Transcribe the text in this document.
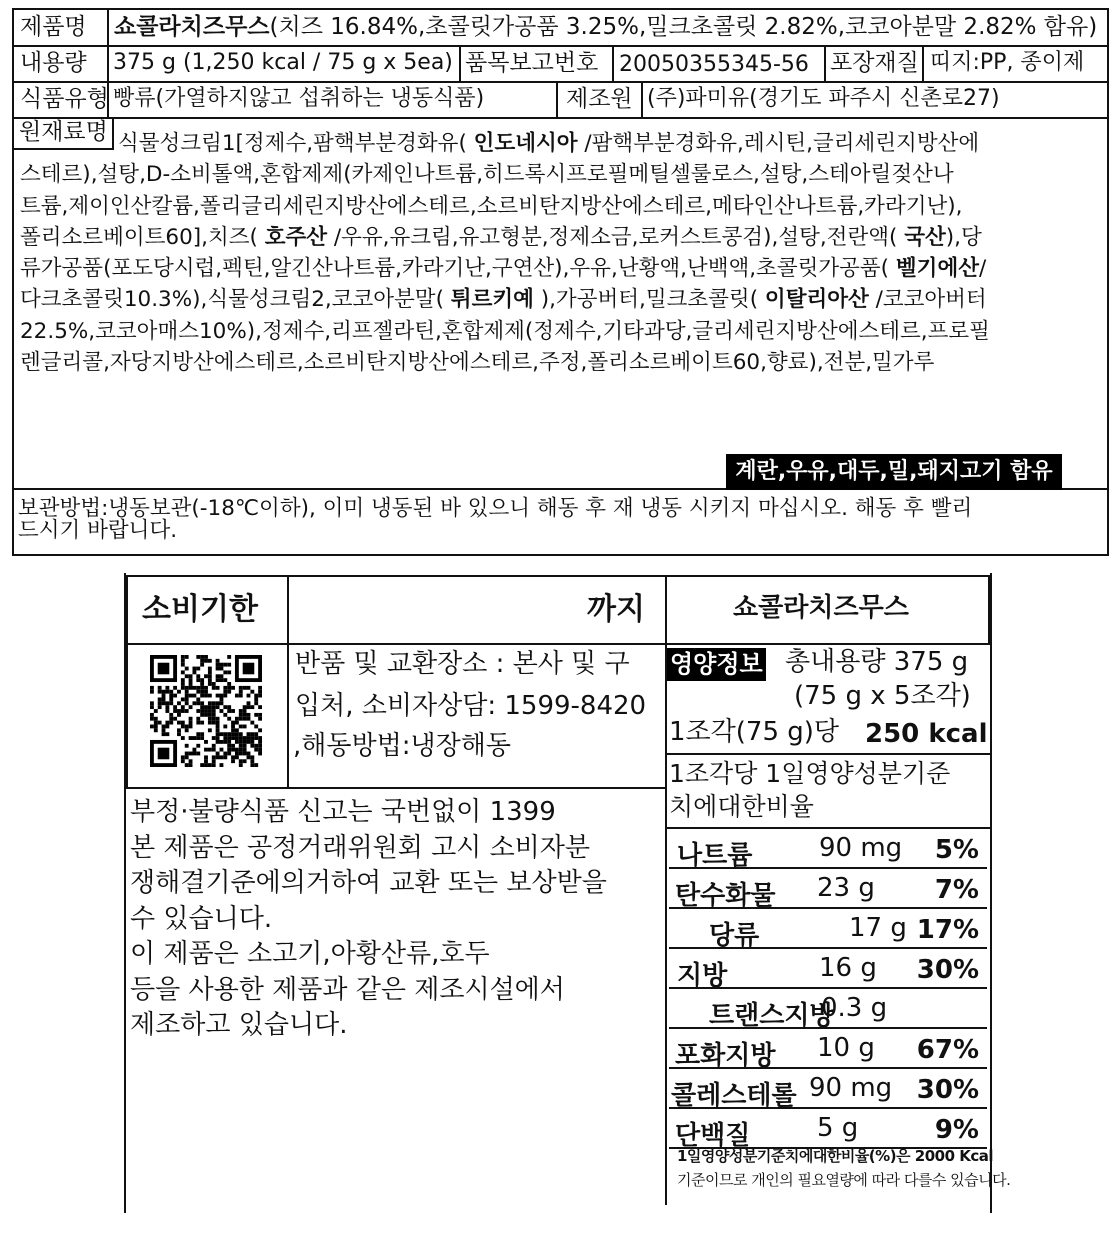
제품명 쇼콜라치즈무스(치즈 16.84%,초콜릿가공품 3.25%,밀크초콜릿 2.82%,코코아분말 2.82% 함유)
내용량 375 g (1,250 kcal / 75 g x 5ea) 품목보고번호 20050355345-56 포장재질 띠지:PP, 종이제
식품유형 빵류(가열하지않고 섭취하는 냉동식품)	제조원 (주)파미유(경기도 파주시 신촌로27)
원재료명 식물성크림1[정제수,팜핵부분경화유( 인도네시아 /팜핵부분경화유,레시틴,글리세린지방산에
스테르),설탕,D-소비톨액,혼합제제(카제인나트륨,히드록시프로필메틸셀룰로스,설탕,스테아릴젖산나
트륨,제이인산칼륨,폴리글리세린지방산에스테르,소르비탄지방산에스테르,메타인산나트륨,카라기난),
폴리소르베이트60],치즈( 호주산 /우유,유크림,유고형분,정제소금,로커스트콩검),설탕,전란액( 국산),당
류가공품(포도당시럽,펙틴,알긴산나트륨,카라기난,구연산),우유,난황액,난백액,초콜릿가공품( 벨기에산/
다크초콜릿10.3%),식물성크림2,코코아분말( 튀르키예 ),가공버터,밀크초콜릿( 이탈리아산 /코코아버터
22.5%,코코아매스10%),정제수,리프젤라틴,혼합제제(정제수,기타과당,글리세린지방산에스테르,프로필
렌글리콜,자당지방산에스테르,소르비탄지방산에스테르,주정,폴리소르베이트60,향료),전분,밀가루
계란,우유,대두,밀,돼지고기 함유
보관방법:냉동보관(-18℃이하), 이미 냉동된 바 있으니 해동 후 재 냉동 시키지 마십시오. 해동 후 빨리
드시기 바랍니다.
소비기한	까지	쇼콜라치즈무스
반품 및 교환장소 : 본사 및 구
입처, 소비자상담: 1599-8420
,해동방법:냉장해동
부정·불량식품 신고는 국번없이 1399
본 제품은 공정거래위원회 고시 소비자분
쟁해결기준에의거하여 교환 또는 보상받을
수 있습니다.
이 제품은 소고기,아황산류,호두
등을 사용한 제품과 같은 제조시설에서
제조하고 있습니다.
영양정보 총내용량 375 g
(75 g x 5조각)
1조각(75 g)당 250 kcal
1조각당 1일영양성분기준
치에대한비율
나트륨	90 mg 5%
탄수화물 23 g 7%
당류	17 g 17%
지방	16 g 30%
트랜스지방
0.3 g
포화지방 10 g 67%
콜레스테롤 90 mg 30%
단백질	5 g	9%
1일영양성분기준치에대한비율(%)은 2000 Kcal
기준이므로 개인의 필요열량에 따라 다를수 있습니다.
